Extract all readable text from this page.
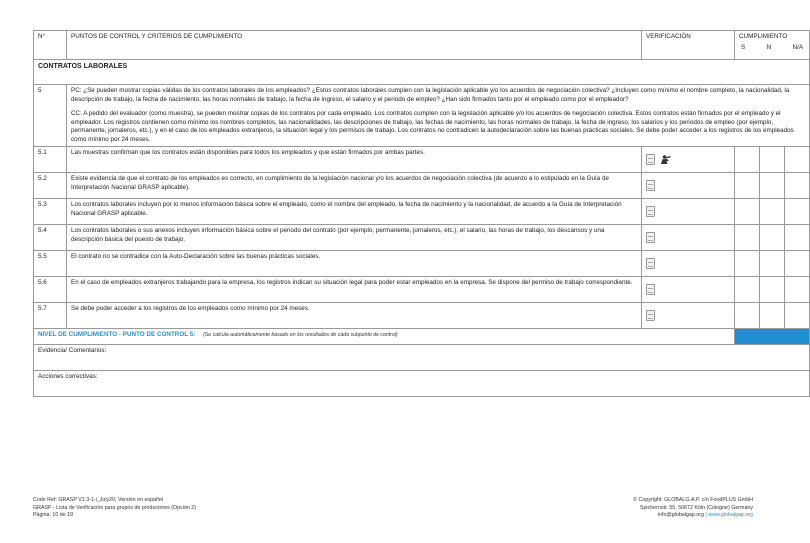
N°	PUNTOS DE CONTROL Y CRITERIOS DE CUMPLIMIENTO	VERIFICACIÓN	CUMPLIMIENTO
S N N/A		

CONTRATOS LABORALES					
5	PC: ¿Se pueden mostrar copias válidas de los contratos laborales de los empleados? ¿Estos contratos laborales cumplen con la legislación aplicable y/o los acuerdos de negociación colectiva? ¿Incluyen como mínimo el nombre completo, la nacionalidad, la descripción de trabajo, la fecha de nacimiento, las horas normales de trabajo, la fecha de ingreso, el salario y el periodo de empleo? ¿Han sido firmados tanto por el empleado como por el empleador?

CC: A pedido del evaluador (como muestra), se pueden mostrar copias de los contratos por cada empleado. Los contratos cumplen con la legislación aplicable y/o los acuerdos de negociación colectiva. Estos contratos están firmados por el empleado y el empleador. Los registros contienen como mínimo los nombres completos, las nacionalidades, las descripciones de trabajo, las fechas de nacimiento, las horas normales de trabajo, la fecha de ingreso, los salarios y los periodos de empleo (por ejemplo, permanente, jornaleros, etc.), y en el caso de los empleados extranjeros, la situación legal y los permisos de trabajo. Los contratos no contradicen la autodeclaración sobre las buenas prácticas sociales. Se debe poder acceder a los registros de los empleados como mínimo por 24 meses.				

5.1	Las muestras confirman que los contratos están disponibles para todos los empleados y que están firmados por ambas partes.				
5.2	Existe evidencia de que el contrato de los empleados es correcto, en cumplimiento de la legislación nacional y/o los acuerdos de negociación colectiva (de acuerdo a lo estipulado en la Guía de Interpretación Nacional GRASP aplicable).				
5.3	Los contratos laborales incluyen por lo menos información básica sobre el empleado, como el nombre del empleado, la fecha de nacimiento y la nacionalidad, de acuerdo a la Guía de Interpretación Nacional GRASP aplicable.				
5.4	Los contratos laborales o sus anexos incluyen información básica sobre el periodo del contrato (por ejemplo, permanente, jornaleros, etc.), el salario, las horas de trabajo, los descansos y una descripción básica del puesto de trabajo.				
5.5	El contrato no se contradice con la Auto-Declaración sobre las buenas prácticas sociales.				
5.6	En el caso de empleados extranjeros trabajando para la empresa, los registros indican su situación legal para poder estar empleados en la empresa. Se dispone del permiso de trabajo correspondiente.				
5.7	Se debe poder acceder a los registros de los empleados como mínimo por 24 meses.				
NIVEL DE CUMPLIMIENTO - PUNTO DE CONTROL 5: (Se calcula automáticamente basado en los resultados de cada subpunto de control)					
Evidencia/ Comentarios:					
Acciones correctivas:					
Code Ref: GRASP V1.3-1-i_July20; Versión en español
GRASP - Lista de Verificación para grupos de productores (Opción 2)
Página: 10 de 19
© Copyright: GLOBALG.A.P. c/o FoodPLUS GmbH
Spichernstr. 55, 50672 Köln (Cologne) Germany
info@globalgap.org | www.globalgap.org
